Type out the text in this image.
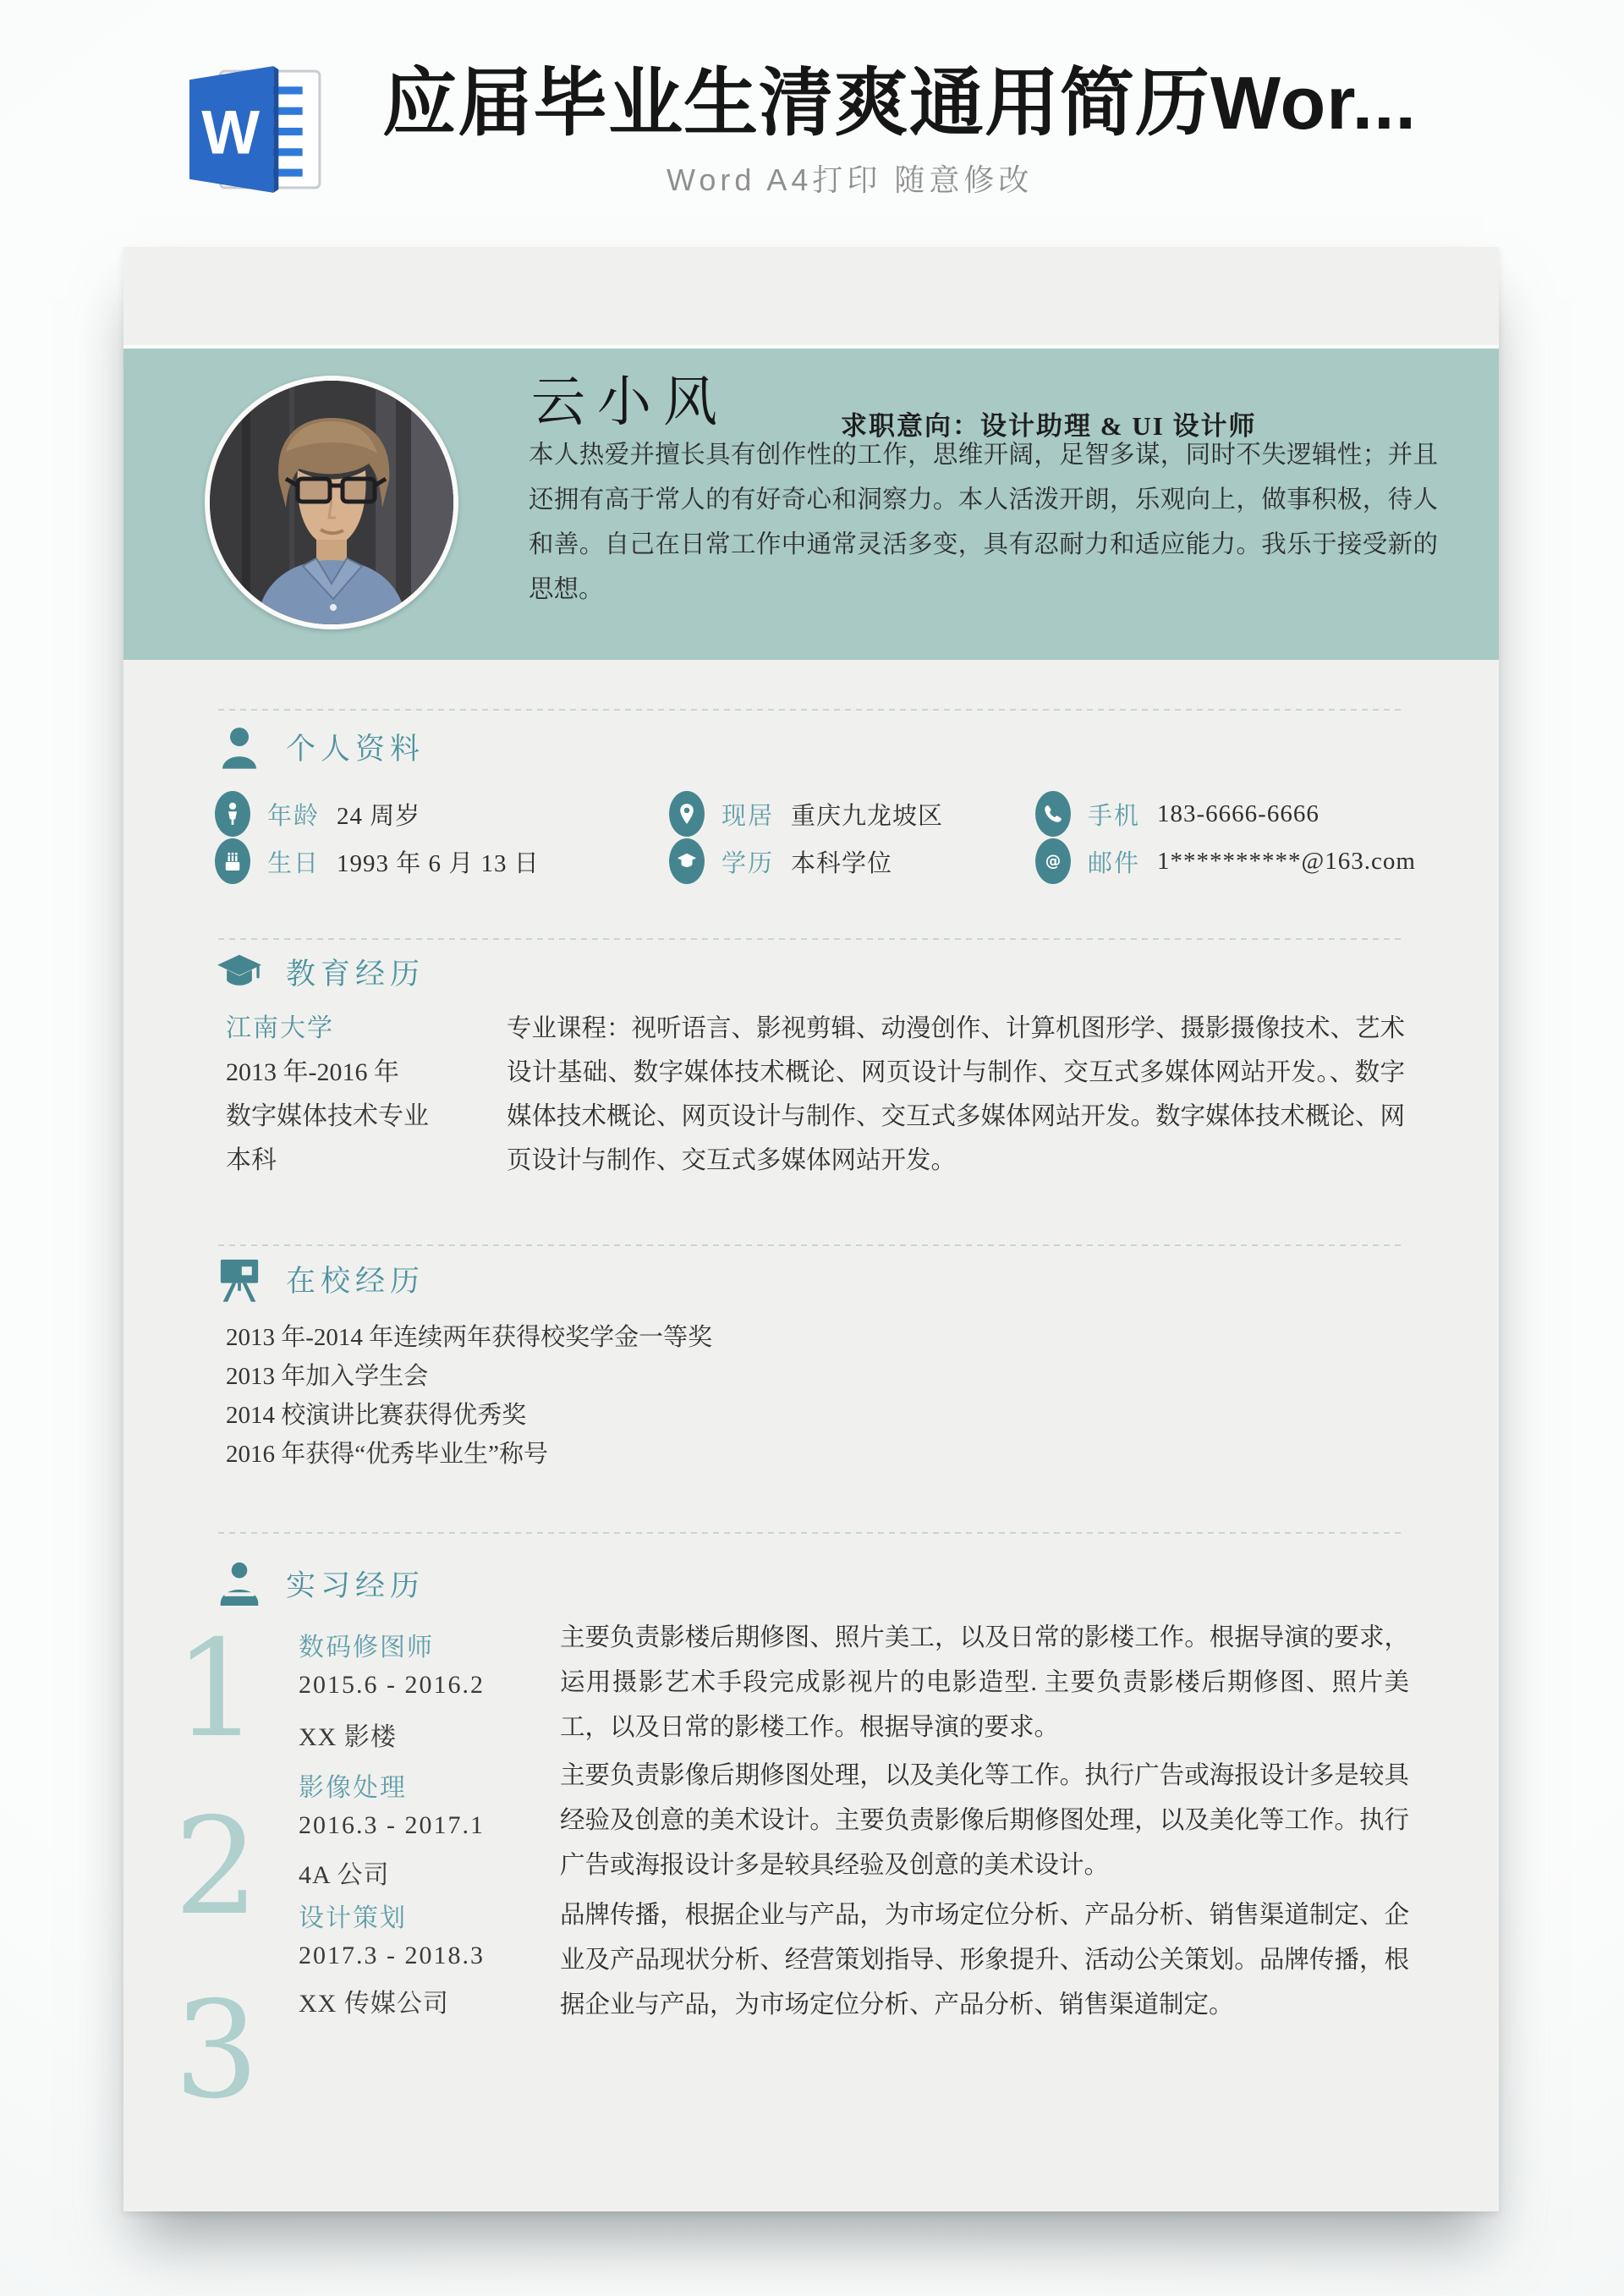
W 应届毕业生清爽通用简历Wor...
Word A4打印 随意修改
云小风	求职意向：设计助理 & UI 设计师

本人热爱并擅长具有创作性的工作，思维开阔，足智多谋，同时不失逻辑性；并且还拥有高于常人的有好奇心和洞察力。本人活泼开朗，乐观向上，做事积极，待人和善。自己在日常工作中通常灵活多变，具有忍耐力和适应能力。我乐于接受新的思想。

个人资料
年龄 24 周岁
生日 1993 年 6 月 13 日
现居 重庆九龙坡区
学历 本科学位
手机 183-6666-6666
@ 邮件 1**********@163.com
教育经历
江南大学
2013 年-2016 年
数字媒体技术专业
本科

专业课程：视听语言、影视剪辑、动漫创作、计算机图形学、摄影摄像技术、艺术设计基础、数字媒体技术概论、网页设计与制作、交互式多媒体网站开发。、数字媒体技术概论、网页设计与制作、交互式多媒体网站开发。数字媒体技术概论、网页设计与制作、交互式多媒体网站开发。

在校经历
2013 年-2014 年连续两年获得校奖学金一等奖
2013 年加入学生会
2014 校演讲比赛获得优秀奖
2016 年获得“优秀毕业生”称号
实习经历
1	数码修图师
2015.6 - 2016.2
XX 影楼

主要负责影楼后期修图、照片美工，以及日常的影楼工作。根据导演的要求，运用摄影艺术手段完成影视片的电影造型. 主要负责影楼后期修图、照片美工，以及日常的影楼工作。根据导演的要求。

2
影像处理
2016.3 - 2017.1
4A 公司

主要负责影像后期修图处理，以及美化等工作。执行广告或海报设计多是较具经验及创意的美术设计。主要负责影像后期修图处理，以及美化等工作。执行广告或海报设计多是较具经验及创意的美术设计。

3
设计策划
2017.3 - 2018.3
XX 传媒公司

品牌传播，根据企业与产品，为市场定位分析、产品分析、销售渠道制定、企业及产品现状分析、经营策划指导、形象提升、活动公关策划。品牌传播，根据企业与产品，为市场定位分析、产品分析、销售渠道制定。
